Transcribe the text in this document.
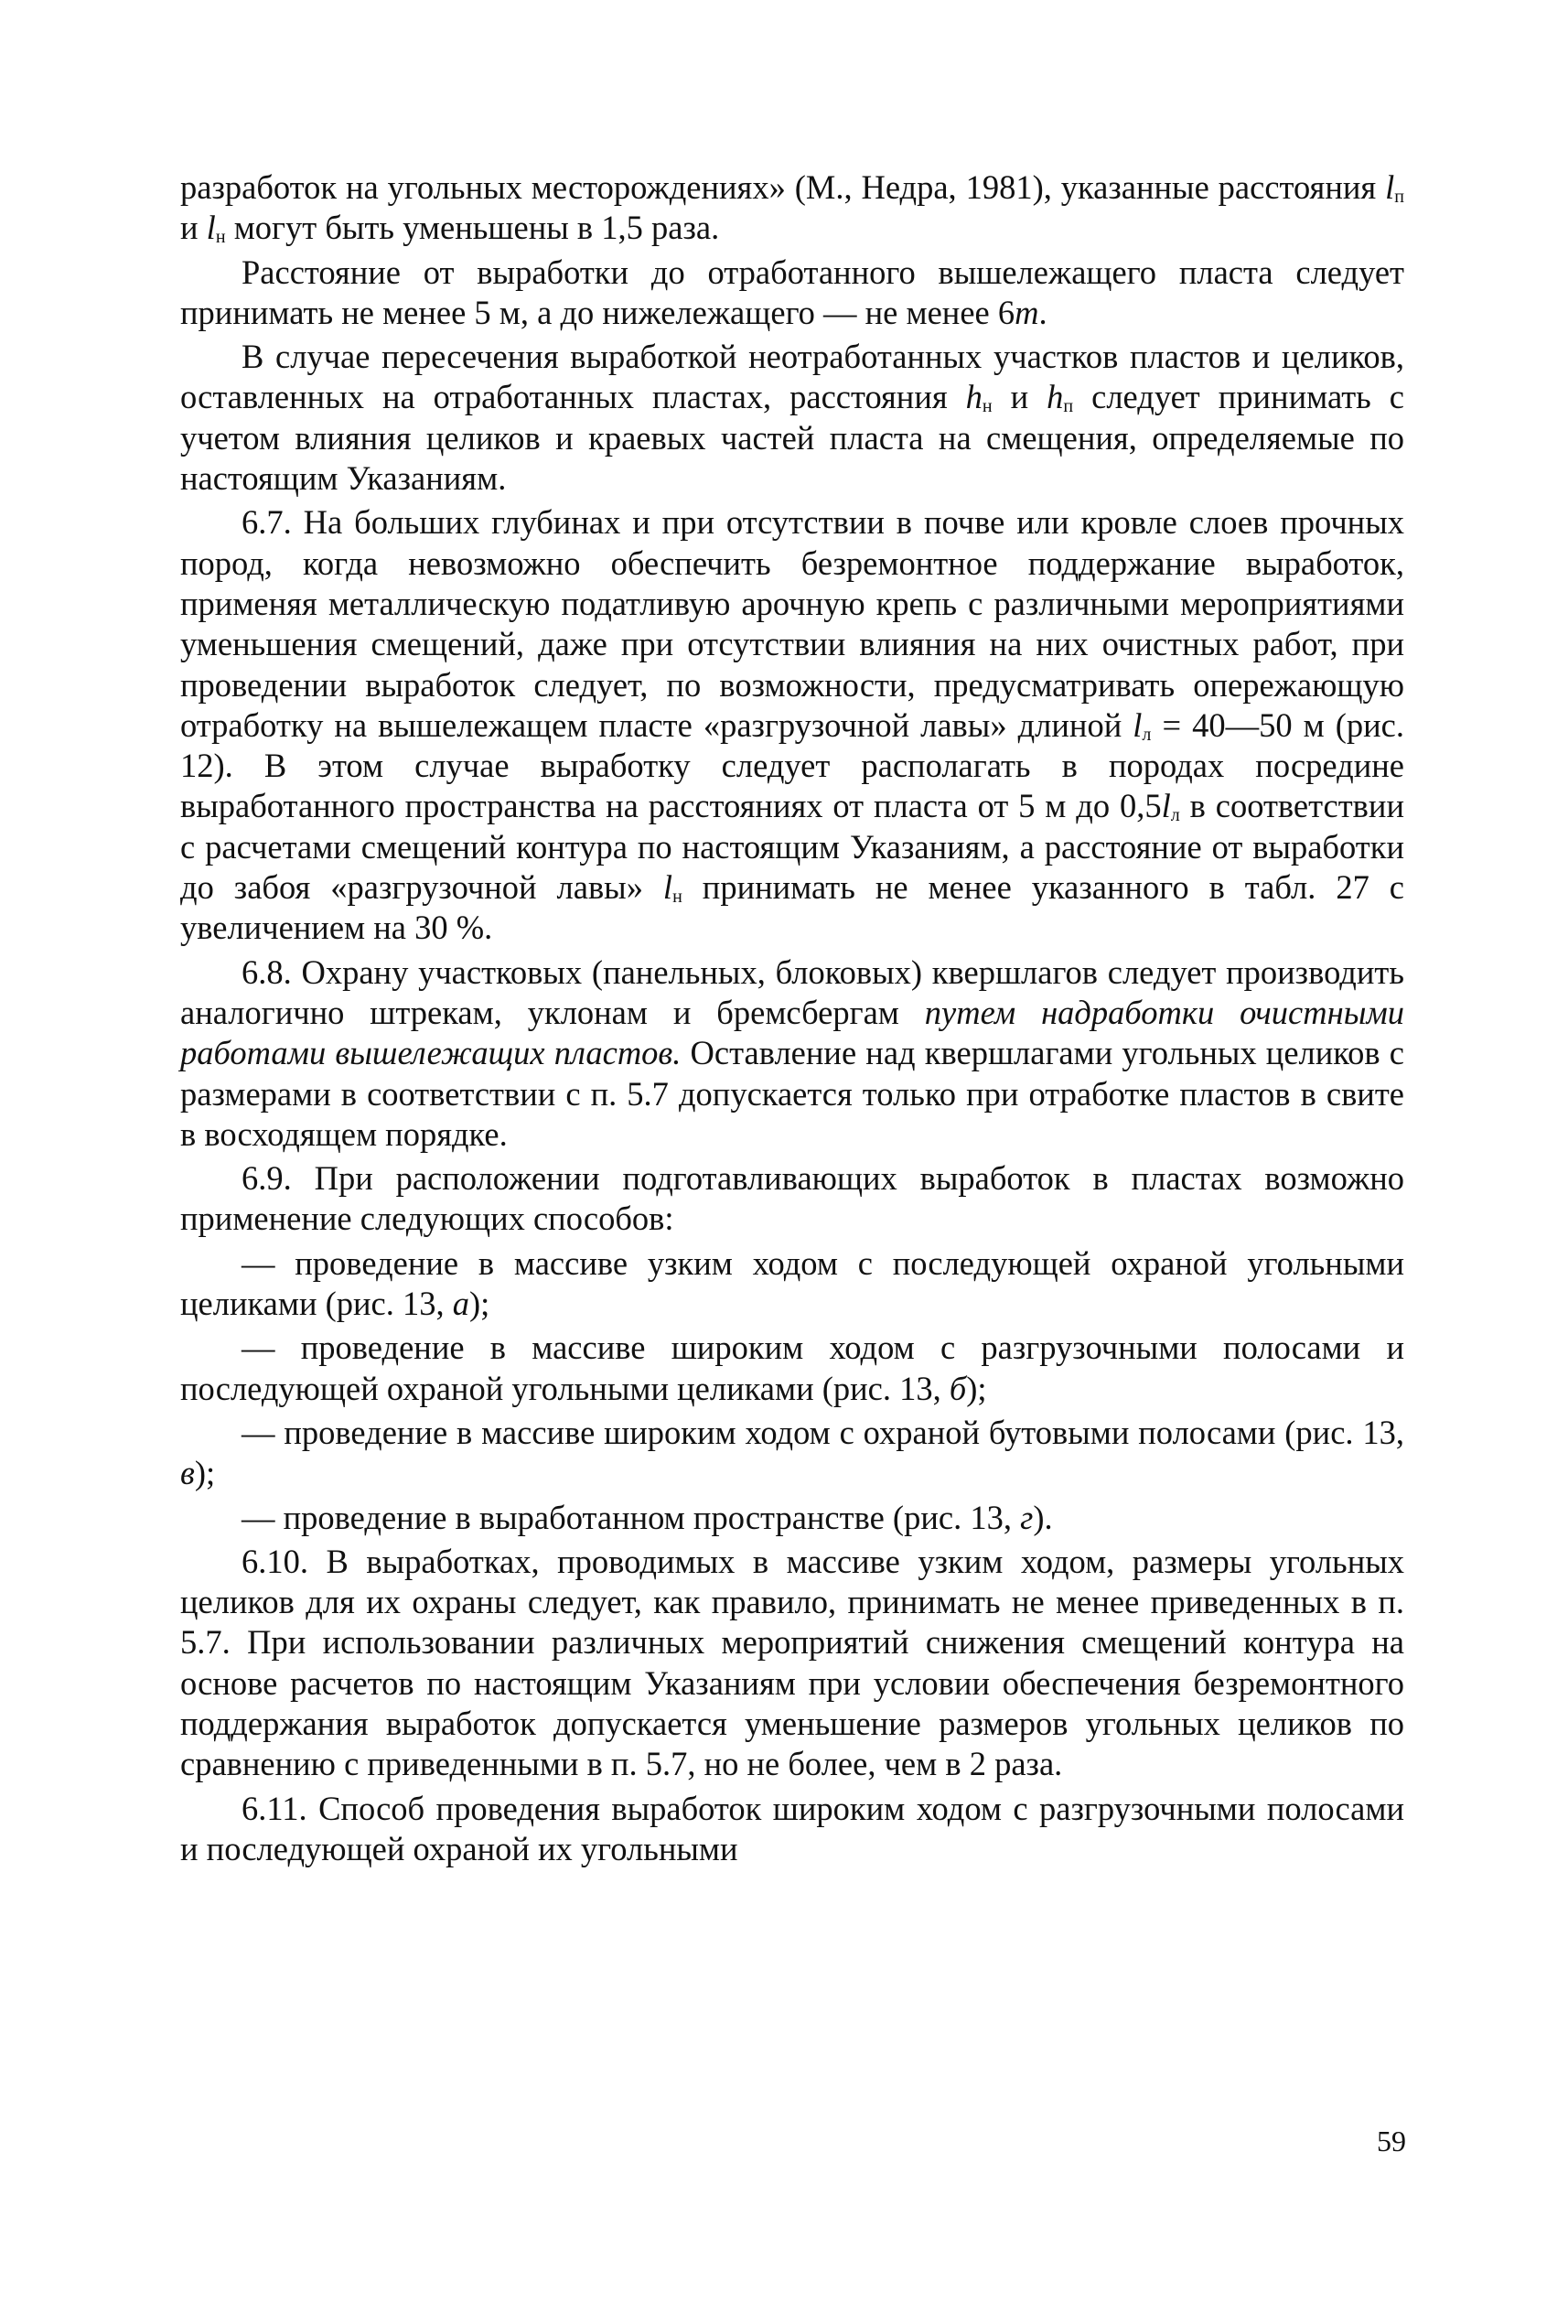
разработок на угольных месторождениях» (М., Недра, 1981), указанные расстояния $l_п$ и $l_н$ могут быть уменьшены в 1,5 раза.

Расстояние от выработки до отработанного вышележащего пласта следует принимать не менее 5 м, а до нижележащего — не менее 6m.

В случае пересечения выработкой неотработанных участков пластов и целиков, оставленных на отработанных пластах, расстояния $h_н$ и $h_п$ следует принимать с учетом влияния целиков и краевых частей пласта на смещения, определяемые по настоящим Указаниям.

6.7. На больших глубинах и при отсутствии в почве или кровле слоев прочных пород, когда невозможно обеспечить безремонтное поддержание выработок, применяя металлическую податливую арочную крепь с различными мероприятиями уменьшения смещений, даже при отсутствии влияния на них очистных работ, при проведении выработок следует, по возможности, предусматривать опережающую отработку на вышележащем пласте «разгрузочной лавы» длиной $l_л$ = 40—50 м (рис. 12). В этом случае выработку следует располагать в породах посредине выработанного пространства на расстояниях от пласта от 5 м до $0,5l_л$ в соответствии с расчетами смещений контура по настоящим Указаниям, а расстояние от выработки до забоя «разгрузочной лавы» $l_н$ принимать не менее указанного в табл. 27 с увеличением на 30 %.

6.8. Охрану участковых (панельных, блоковых) квершлагов следует производить аналогично штрекам, уклонам и бремсбергам путем надработки очистными работами вышележащих пластов. Оставление над квершлагами угольных целиков с размерами в соответствии с п. 5.7 допускается только при отработке пластов в свите в восходящем порядке.

6.9. При расположении подготавливающих выработок в пластах возможно применение следующих способов:

— проведение в массиве узким ходом с последующей охраной угольными целиками (рис. 13, а);

— проведение в массиве широким ходом с разгрузочными полосами и последующей охраной угольными целиками (рис. 13, б);

— проведение в массиве широким ходом с охраной бутовыми полосами (рис. 13, в);

— проведение в выработанном пространстве (рис. 13, г).

6.10. В выработках, проводимых в массиве узким ходом, размеры угольных целиков для их охраны следует, как правило, принимать не менее приведенных в п. 5.7. При использовании различных мероприятий снижения смещений контура на основе расчетов по настоящим Указаниям при условии обеспечения безремонтного поддержания выработок допускается уменьшение размеров угольных целиков по сравнению с приведенными в п. 5.7, но не более, чем в 2 раза.

6.11. Способ проведения выработок широким ходом с разгрузочными полосами и последующей охраной их угольными

59
